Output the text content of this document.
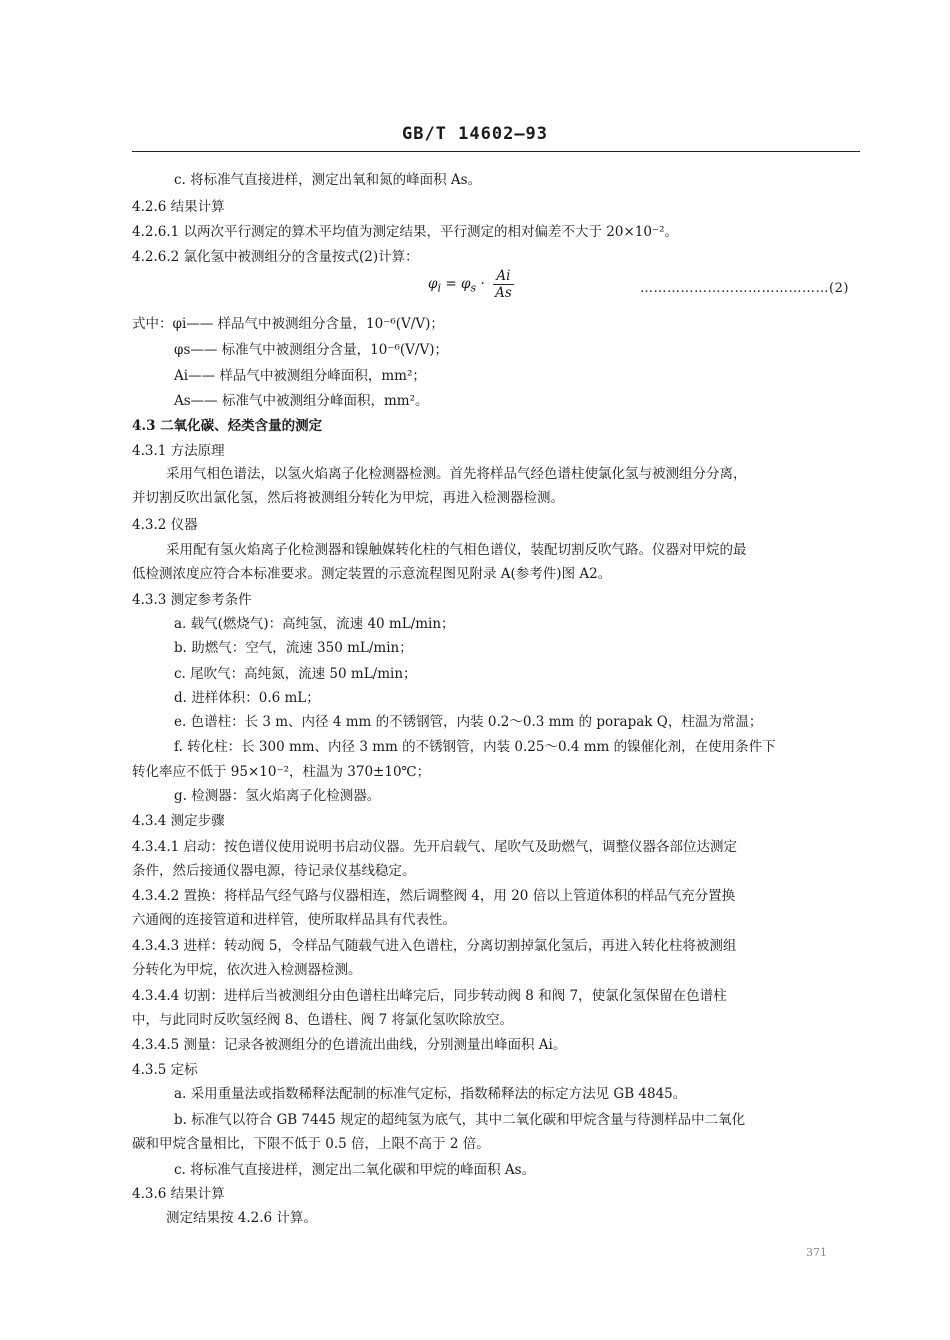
GB/T 14602—93
c. 将标准气直接进样，测定出氧和氮的峰面积 As。
4.2.6 结果计算
4.2.6.1 以两次平行测定的算术平均值为测定结果，平行测定的相对偏差不大于 20×10⁻²。
4.2.6.2 氯化氢中被测组分的含量按式(2)计算：
$\varphi_i = \varphi_s \cdot \frac{Ai}{As}$	……………………………………(2)
式中：φi—— 样品气中被测组分含量，10⁻⁶(V/V)；
φs—— 标准气中被测组分含量，10⁻⁶(V/V)；
Ai—— 样品气中被测组分峰面积，mm²；
As—— 标准气中被测组分峰面积，mm²。
4.3 二氧化碳、烃类含量的测定
4.3.1 方法原理
采用气相色谱法，以氢火焰离子化检测器检测。首先将样品气经色谱柱使氯化氢与被测组分分离，
并切割反吹出氯化氢，然后将被测组分转化为甲烷，再进入检测器检测。
4.3.2 仪器
采用配有氢火焰离子化检测器和镍触媒转化柱的气相色谱仪，装配切割反吹气路。仪器对甲烷的最
低检测浓度应符合本标准要求。测定装置的示意流程图见附录 A(参考件)图 A2。
4.3.3 测定参考条件
a. 载气(燃烧气)：高纯氢，流速 40 mL/min；
b. 助燃气：空气，流速 350 mL/min；
c. 尾吹气：高纯氮，流速 50 mL/min；
d. 进样体积：0.6 mL；
e. 色谱柱：长 3 m、内径 4 mm 的不锈钢管，内装 0.2～0.3 mm 的 porapak Q，柱温为常温；
f. 转化柱：长 300 mm、内径 3 mm 的不锈钢管，内装 0.25～0.4 mm 的镍催化剂，在使用条件下
转化率应不低于 95×10⁻²，柱温为 370±10℃；
g. 检测器：氢火焰离子化检测器。
4.3.4 测定步骤
4.3.4.1 启动：按色谱仪使用说明书启动仪器。先开启载气、尾吹气及助燃气，调整仪器各部位达测定
条件，然后接通仪器电源，待记录仪基线稳定。
4.3.4.2 置换：将样品气经气路与仪器相连，然后调整阀 4，用 20 倍以上管道体积的样品气充分置换
六通阀的连接管道和进样管，使所取样品具有代表性。
4.3.4.3 进样：转动阀 5，令样品气随载气进入色谱柱，分离切割掉氯化氢后，再进入转化柱将被测组
分转化为甲烷，依次进入检测器检测。
4.3.4.4 切割：进样后当被测组分由色谱柱出峰完后，同步转动阀 8 和阀 7，使氯化氢保留在色谱柱
中，与此同时反吹氢经阀 8、色谱柱、阀 7 将氯化氢吹除放空。
4.3.4.5 测量：记录各被测组分的色谱流出曲线，分别测量出峰面积 Ai。
4.3.5 定标
a. 采用重量法或指数稀释法配制的标准气定标，指数稀释法的标定方法见 GB 4845。
b. 标准气以符合 GB 7445 规定的超纯氢为底气，其中二氧化碳和甲烷含量与待测样品中二氧化
碳和甲烷含量相比，下限不低于 0.5 倍，上限不高于 2 倍。
c. 将标准气直接进样，测定出二氧化碳和甲烷的峰面积 As。
4.3.6 结果计算
测定结果按 4.2.6 计算。
371
